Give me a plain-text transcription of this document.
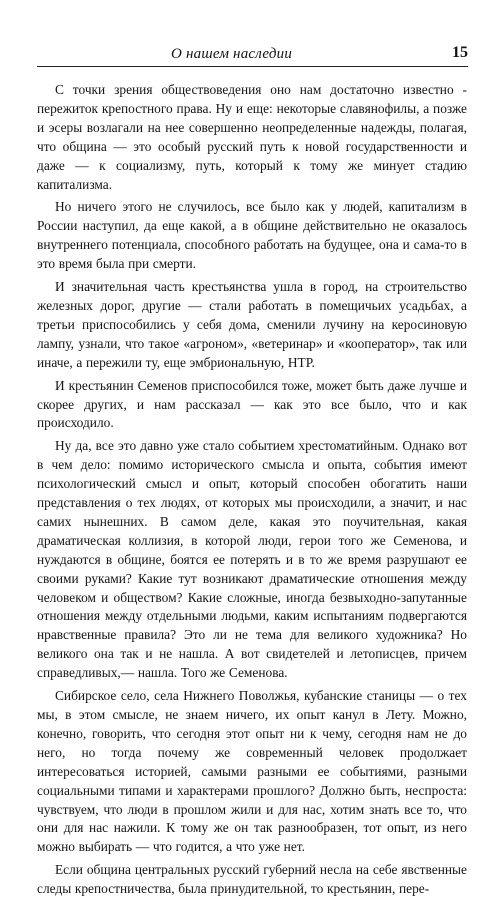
О нашем наследии	15

С точки зрения обществоведения оно нам достаточно известно - пережиток крепостного права. Ну и еще: некоторые славянофилы, а позже и эсеры возлагали на нее совершенно неопределенные надежды, полагая, что община — это особый русский путь к новой государственности и даже — к социализму, путь, который к тому же минует стадию капитализма.

Но ничего этого не случилось, все было как у людей, капитализм в России наступил, да еще какой, а в общине действительно не оказалось внутреннего потенциала, способного работать на будущее, она и сама-то в это время была при смерти.

И значительная часть крестьянства ушла в город, на строительство железных дорог, другие — стали работать в помещичьих усадьбах, а третьи приспособились у себя дома, сменили лучину на керосиновую лампу, узнали, что такое «агроном», «ветеринар» и «кооператор», так или иначе, а пережили ту, еще эмбриональную, НТР.

И крестьянин Семенов приспособился тоже, может быть даже лучше и скорее других, и нам рассказал — как это все было, что и как происходило.

Ну да, все это давно уже стало событием хрестоматийным. Однако вот в чем дело: помимо исторического смысла и опыта, события имеют психологический смысл и опыт, который способен обогатить наши представления о тех людях, от которых мы происходили, а значит, и нас самих нынешних. В самом деле, какая это поучительная, какая драматическая коллизия, в которой люди, герои того же Семенова, и нуждаются в общине, боятся ее потерять и в то же время разрушают ее своими руками? Какие тут возникают драматические отношения между человеком и обществом? Какие сложные, иногда безвыходно-запутанные отношения между отдельными людьми, каким испытаниям подвергаются нравственные правила? Это ли не тема для великого художника? Но великого она так и не нашла. А вот свидетелей и летописцев, причем справедливых,— нашла. Того же Семенова.

Сибирское село, села Нижнего Поволжья, кубанские станицы — о тех мы, в этом смысле, не знаем ничего, их опыт канул в Лету. Можно, конечно, говорить, что сегодня этот опыт ни к чему, сегодня нам не до него, но тогда почему же современный человек продолжает интересоваться историей, самыми разными ее событиями, разными социальными типами и характерами прошлого? Должно быть, неспроста: чувствуем, что люди в прошлом жили и для нас, хотим знать все то, что они для нас нажили. К тому же он так разнообразен, тот опыт, из него можно выбирать — что годится, а что уже нет.

Если община центральных русский губерний несла на себе явственные следы крепостничества, была принудительной, то крестьянин, пере-
